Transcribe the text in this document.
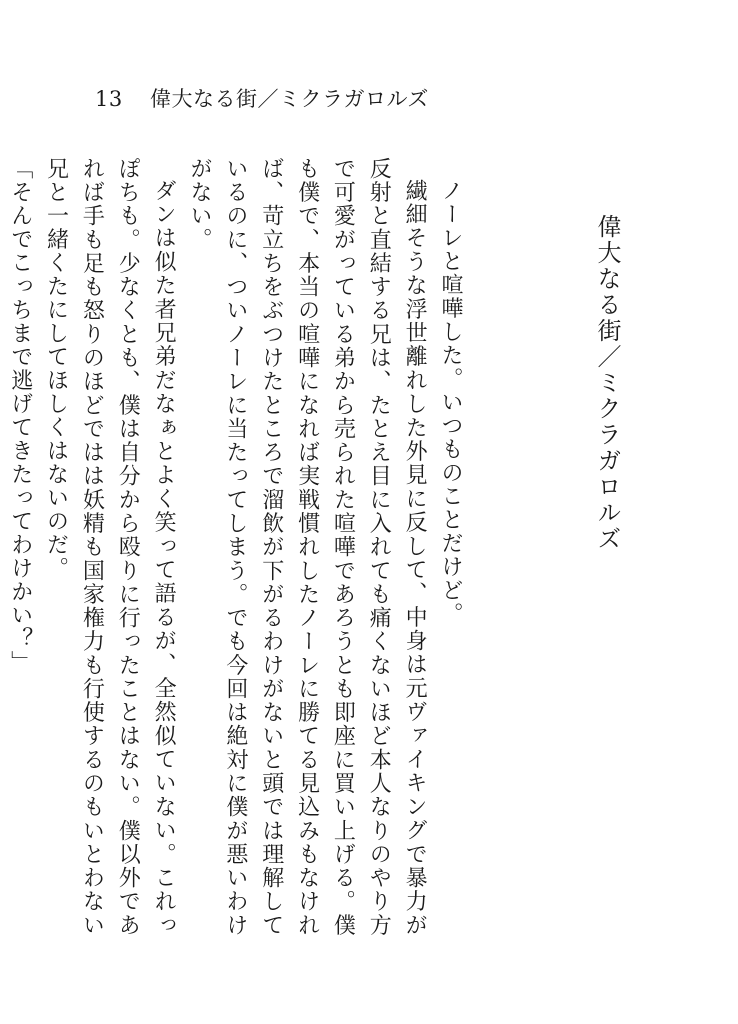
13	偉大なる街／ミクラガロルズ
偉大なる街／ミクラガロルズ

ノーレと喧嘩した。いつものことだけど。

繊細そうな浮世離れした外見に反して、中身は元ヴァイキングで暴力が反射と直結する兄は、たとえ目に入れても痛くないほど本人なりのやり方で可愛がっている弟から売られた喧嘩であろうとも即座に買い上げる。僕も僕で、本当の喧嘩になれば実戦慣れしたノーレに勝てる見込みもなければ、苛立ちをぶつけたところで溜飲が下がるわけがないと頭では理解しているのに、ついノーレに当たってしまう。でも今回は絶対に僕が悪いわけがない。

ダンは似た者兄弟だなぁとよく笑って語るが、全然似ていない。これっぽちも。少なくとも、僕は自分から殴りに行ったことはない。僕以外であれば手も足も怒りのほどではは妖精も国家権力も行使するのもいとわない兄と一緒くたにしてほしくはないのだ。

「そんでこっちまで逃げてきたってわけかい？」
